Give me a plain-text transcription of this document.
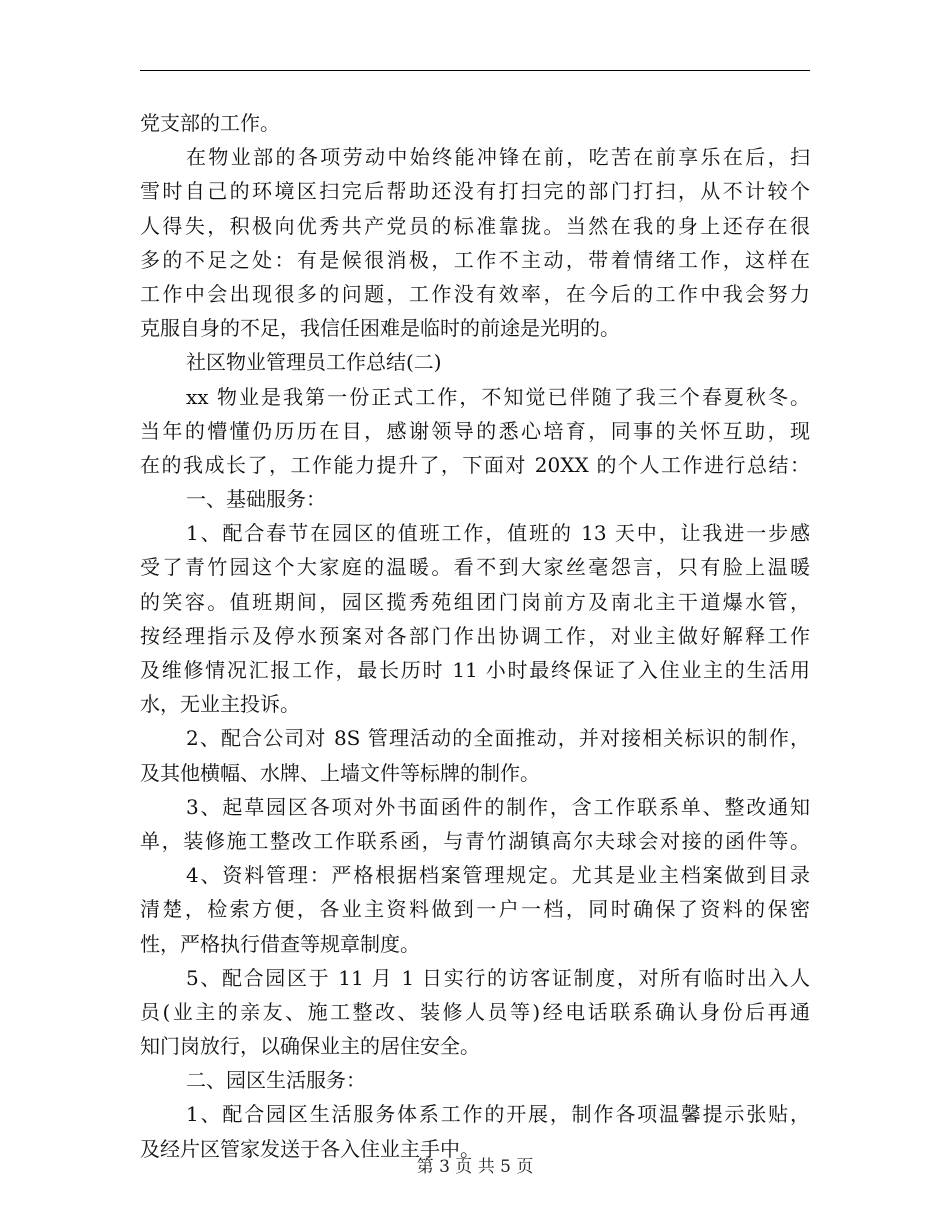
党支部的工作。
在物业部的各项劳动中始终能冲锋在前，吃苦在前享乐在后，扫
雪时自己的环境区扫完后帮助还没有打扫完的部门打扫，从不计较个
人得失，积极向优秀共产党员的标准靠拢。当然在我的身上还存在很
多的不足之处：有是候很消极，工作不主动，带着情绪工作，这样在
工作中会出现很多的问题，工作没有效率，在今后的工作中我会努力
克服自身的不足，我信任困难是临时的前途是光明的。
社区物业管理员工作总结(二)
xx 物业是我第一份正式工作，不知觉已伴随了我三个春夏秋冬。
当年的懵懂仍历历在目，感谢领导的悉心培育，同事的关怀互助，现
在的我成长了，工作能力提升了，下面对 20XX 的个人工作进行总结：
一、基础服务：
1、配合春节在园区的值班工作，值班的 13 天中，让我进一步感
受了青竹园这个大家庭的温暖。看不到大家丝毫怨言，只有脸上温暖
的笑容。值班期间，园区揽秀苑组团门岗前方及南北主干道爆水管，
按经理指示及停水预案对各部门作出协调工作，对业主做好解释工作
及维修情况汇报工作，最长历时 11 小时最终保证了入住业主的生活用
水，无业主投诉。
2、配合公司对 8S 管理活动的全面推动，并对接相关标识的制作，
及其他横幅、水牌、上墙文件等标牌的制作。
3、起草园区各项对外书面函件的制作，含工作联系单、整改通知
单，装修施工整改工作联系函，与青竹湖镇高尔夫球会对接的函件等。
4、资料管理：严格根据档案管理规定。尤其是业主档案做到目录
清楚，检索方便，各业主资料做到一户一档，同时确保了资料的保密
性，严格执行借查等规章制度。
5、配合园区于 11 月 1 日实行的访客证制度，对所有临时出入人
员(业主的亲友、施工整改、装修人员等)经电话联系确认身份后再通
知门岗放行，以确保业主的居住安全。
二、园区生活服务：
1、配合园区生活服务体系工作的开展，制作各项温馨提示张贴，
及经片区管家发送于各入住业主手中。
第 3 页 共 5 页
